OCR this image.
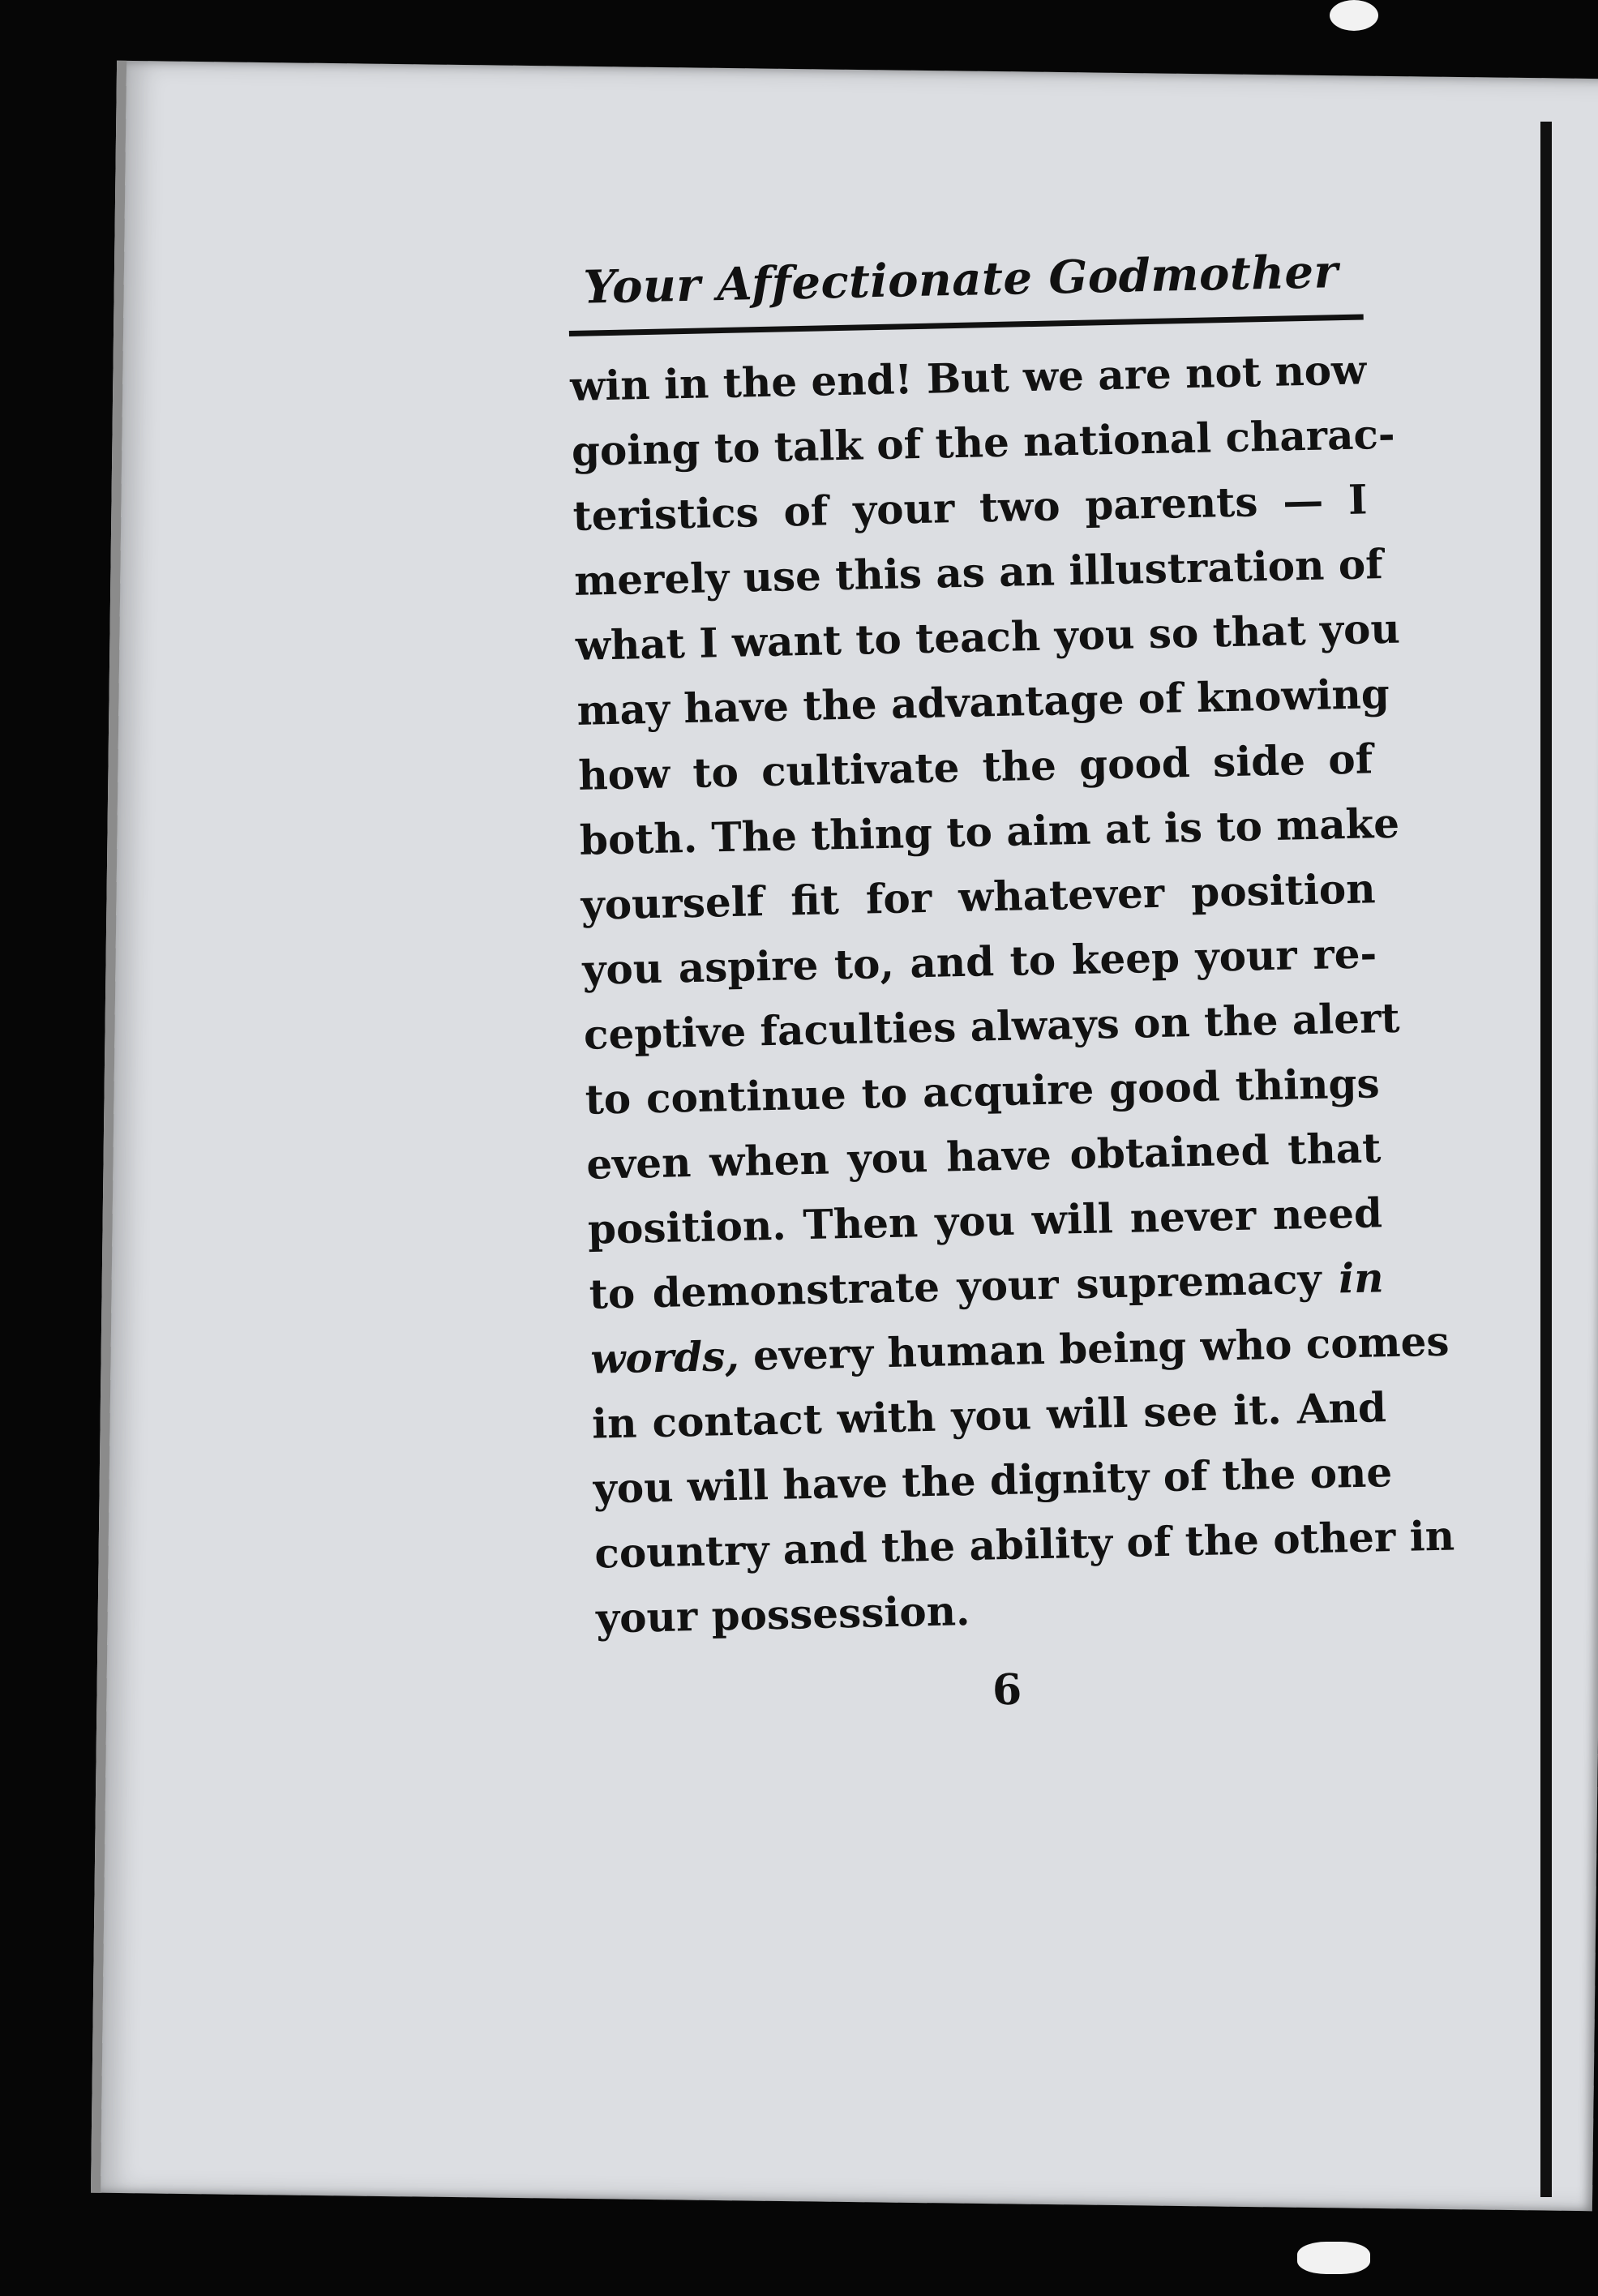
Your Affectionate Godmother
win in the end! But we are not now
going to talk of the national charac-
teristics of your two parents — I
merely use this as an illustration of
what I want to teach you so that you
may have the advantage of knowing
how to cultivate the good side of
both. The thing to aim at is to make
yourself fit for whatever position
you aspire to, and to keep your re-
ceptive faculties always on the alert
to continue to acquire good things
even when you have obtained that
position. Then you will never need
to demonstrate your supremacy in
words, every human being who comes
in contact with you will see it. And
you will have the dignity of the one
country and the ability of the other in
your possession.
6
